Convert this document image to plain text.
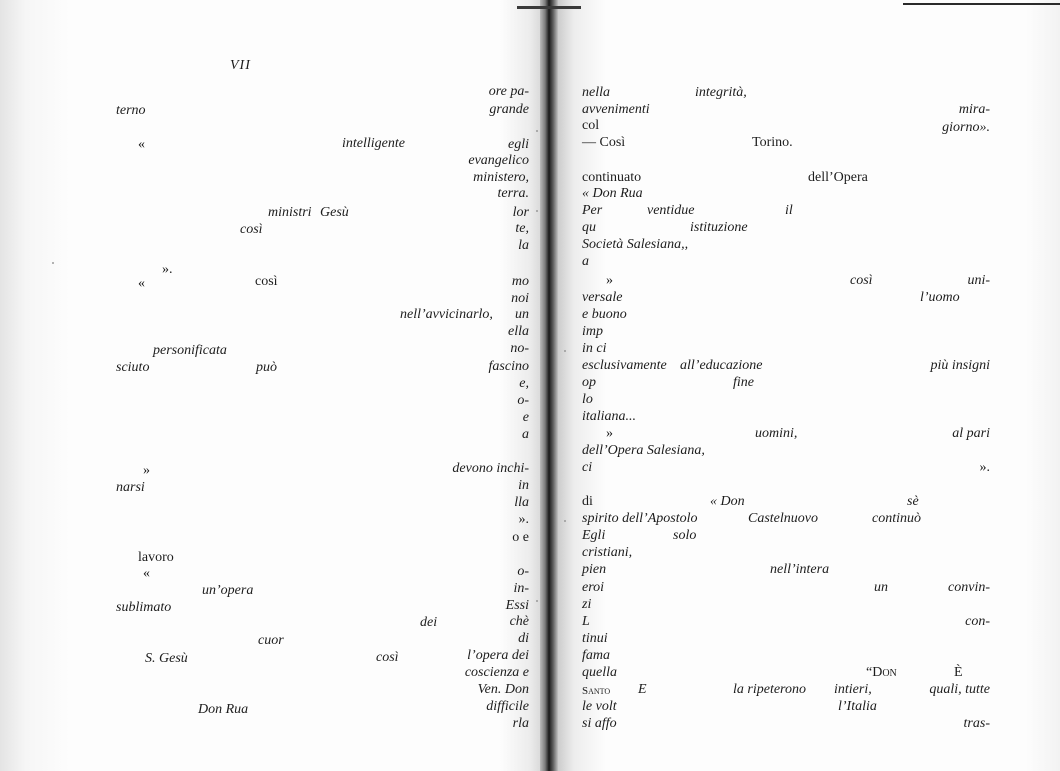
VII
ore pa-
terno	grande
«	intelligente	egli
evangelico
ministero,
terra.
ministri Gesù	lor
così	te,
la
».
«	così	mo
noi
nell’avvicinarlo, un
ella
no-
personificata
sciuto	può	fascino
e,
o-
e
a
»	devono inchi-
narsi	in
lla
».
o e
lavoro
«	o-
in-
un’opera
sublimato	Essi
dei	chè
cuor	di
S. Gesù	così	l’opera dei
coscienza e
Ven. Don
Don Rua	difficile
rla
nella	integrità,
avvenimenti	mira-
col	giorno».
— Così	Torino.
continuato	dell’Opera
« Don Rua
Per	ventidue	il
qu	istituzione
Società Salesiana,,
a
»	così	uni-
versale	l’uomo
e buono
imp
in ci
esclusivamente all’educazione	più insigni
op	fine
lo
italiana...
»	uomini,	al pari
dell’Opera Salesiana,
ci	».
di	« Don	sè
spirito dell’Apostolo	Castelnuovo	continuò
Egli	solo
cristiani,
pien	nell’intera
eroi	un	convin-
zi
L	con-
tinui
fama
quella	“Don	È
Santo E	la ripeterono intieri,	quali, tutte
le volt	l’Italia
si affo	tras-
